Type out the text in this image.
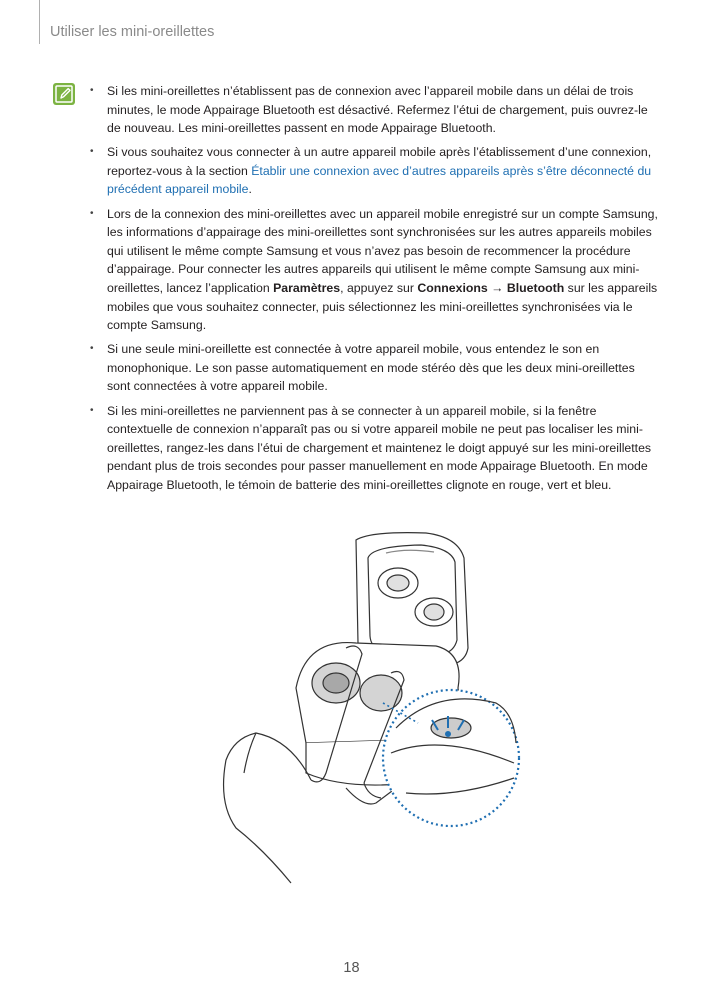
Utiliser les mini-oreillettes
• Si les mini-oreillettes n’établissent pas de connexion avec l’appareil mobile dans un délai de trois minutes, le mode Appairage Bluetooth est désactivé. Refermez l’étui de chargement, puis ouvrez-le de nouveau. Les mini-oreillettes passent en mode Appairage Bluetooth.
• Si vous souhaitez vous connecter à un autre appareil mobile après l’établissement d’une connexion, reportez-vous à la section Établir une connexion avec d’autres appareils après s’être déconnecté du précédent appareil mobile.
• Lors de la connexion des mini-oreillettes avec un appareil mobile enregistré sur un compte Samsung, les informations d’appairage des mini-oreillettes sont synchronisées sur les autres appareils mobiles qui utilisent le même compte Samsung et vous n’avez pas besoin de recommencer la procédure d’appairage. Pour connecter les autres appareils qui utilisent le même compte Samsung aux mini-oreillettes, lancez l’application Paramètres, appuyez sur Connexions → Bluetooth sur les appareils mobiles que vous souhaitez connecter, puis sélectionnez les mini-oreillettes synchronisées via le compte Samsung.
• Si une seule mini-oreillette est connectée à votre appareil mobile, vous entendez le son en monophonique. Le son passe automatiquement en mode stéréo dès que les deux mini-oreillettes sont connectées à votre appareil mobile.
• Si les mini-oreillettes ne parviennent pas à se connecter à un appareil mobile, si la fenêtre contextuelle de connexion n’apparaît pas ou si votre appareil mobile ne peut pas localiser les mini-oreillettes, rangez-les dans l’étui de chargement et maintenez le doigt appuyé sur les mini-oreillettes pendant plus de trois secondes pour passer manuellement en mode Appairage Bluetooth. En mode Appairage Bluetooth, le témoin de batterie des mini-oreillettes clignote en rouge, vert et bleu.
18
